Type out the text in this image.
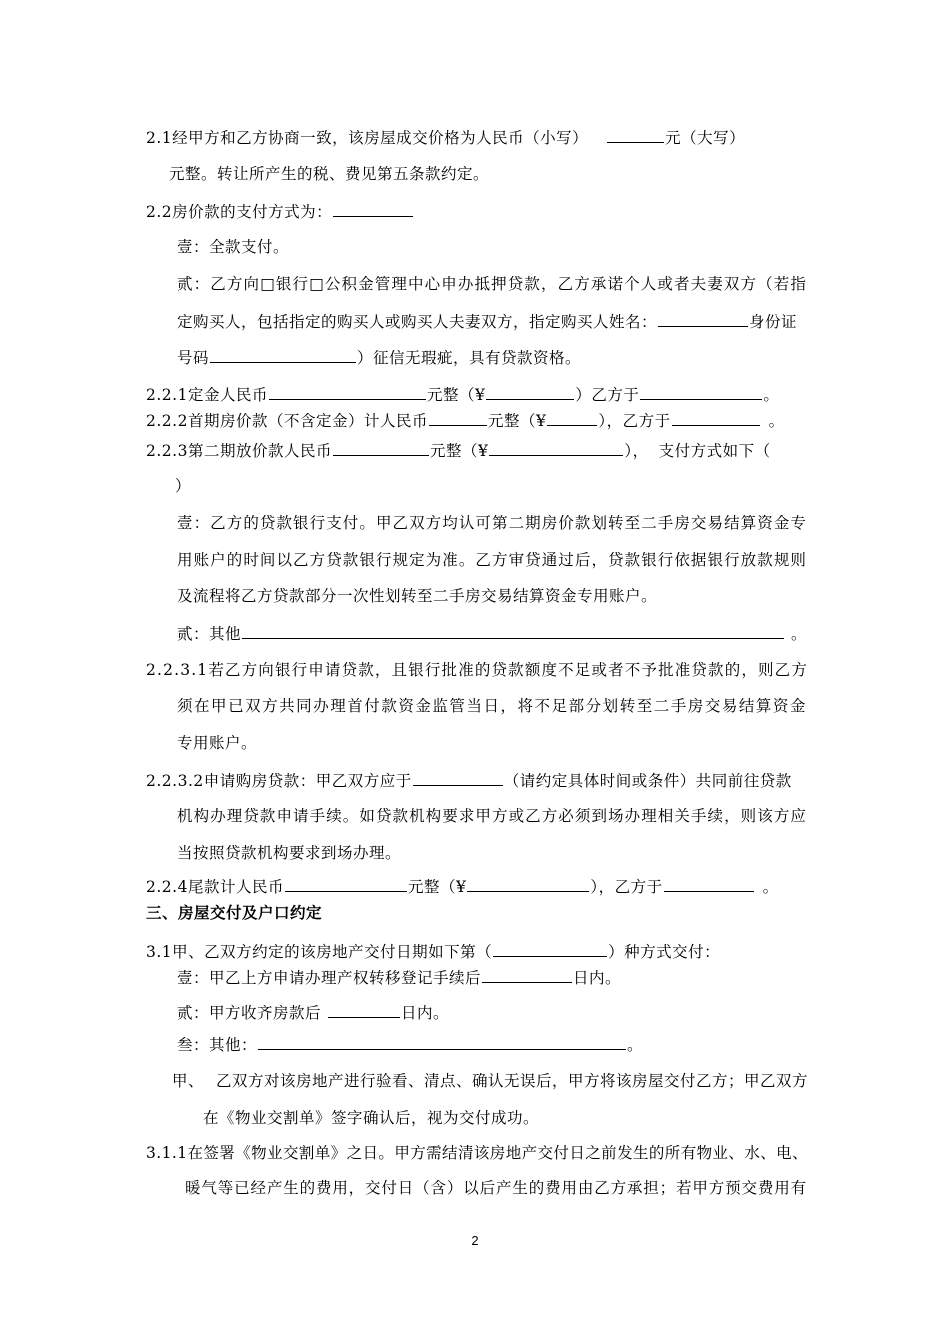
2.1经甲方和乙方协商一致，该房屋成交价格为人民币（小写）	元（大写）
元整。转让所产生的税、费见第五条款约定。
2.2房价款的支付方式为：
壹：全款支付。
贰：乙方向□银行□公积金管理中心申办抵押贷款，乙方承诺个人或者夫妻双方（若指
定购买人，包括指定的购买人或购买人夫妻双方，指定购买人姓名：	身份证
号码	）征信无瑕疵，具有贷款资格。
2.2.1定金人民币	元整（¥	）乙方于	。
2.2.2首期房价款（不含定金）计人民币	元整（¥	），乙方于	。
2.2.3第二期放价款人民币	元整（¥	）， 支付方式如下（
）
壹：乙方的贷款银行支付。甲乙双方均认可第二期房价款划转至二手房交易结算资金专
用账户的时间以乙方贷款银行规定为准。乙方审贷通过后，贷款银行依据银行放款规则
及流程将乙方贷款部分一次性划转至二手房交易结算资金专用账户。
贰：其他	。
2.2.3.1若乙方向银行申请贷款，且银行批准的贷款额度不足或者不予批准贷款的，则乙方
须在甲已双方共同办理首付款资金监管当日，将不足部分划转至二手房交易结算资金
专用账户。
2.2.3.2申请购房贷款：甲乙双方应于	（请约定具体时间或条件）共同前往贷款
机构办理贷款申请手续。如贷款机构要求甲方或乙方必须到场办理相关手续，则该方应
当按照贷款机构要求到场办理。
2.2.4尾款计人民币	元整（¥	），乙方于	。
三、房屋交付及户口约定
3.1甲、乙双方约定的该房地产交付日期如下第（	）种方式交付：
壹：甲乙上方申请办理产权转移登记手续后	日内。
贰：甲方收齐房款后	日内。
叁：其他：	。
甲、 乙双方对该房地产进行验看、清点、确认无误后，甲方将该房屋交付乙方；甲乙双方
在《物业交割单》签字确认后，视为交付成功。
3.1.1在签署《物业交割单》之日。甲方需结清该房地产交付日之前发生的所有物业、水、电、
暖气等已经产生的费用，交付日（含）以后产生的费用由乙方承担；若甲方预交费用有
2
